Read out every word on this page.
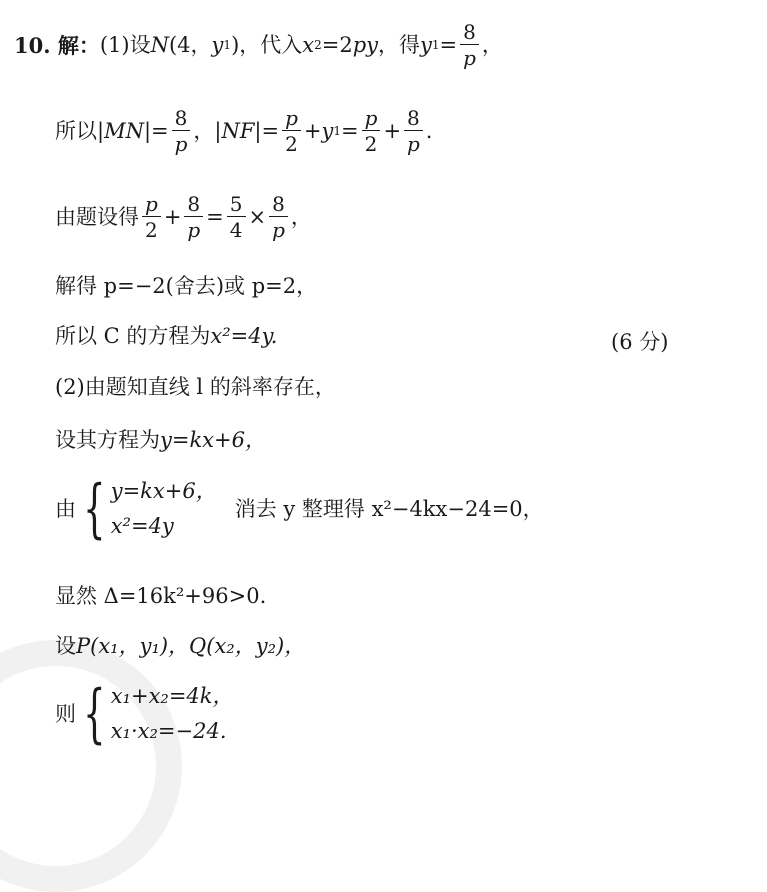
10. 解： (1)设 N (4， y 1 ) ，代入 x 2 =2 py ，得 y $1 = \frac{8}{p}$ ，
所以 | MN |= $\frac{8}{p}$ ，| NF |= $\frac{p}{2} + y$ $1 = \frac{p}{2} + \frac{8}{p}$ .
由题设得 $\frac{p}{2} + \frac{8}{p} = \frac{5}{4} \times \frac{8}{p}$ ，
解得 p=−2(舍去)或 p=2，
所以 C 的方程为 x²=4y.	(6 分)
(2)由题知直线 l 的斜率存在，
设其方程为 y=kx+6，
由 { y=kx+6，
x²=4y
消去 y 整理得 x²−4kx−24=0，
显然 Δ=16k²+96>0.
设 P(x₁，y₁)，Q(x₂，y₂)，
则 { x₁+x₂=4k，
x₁·x₂=−24.
